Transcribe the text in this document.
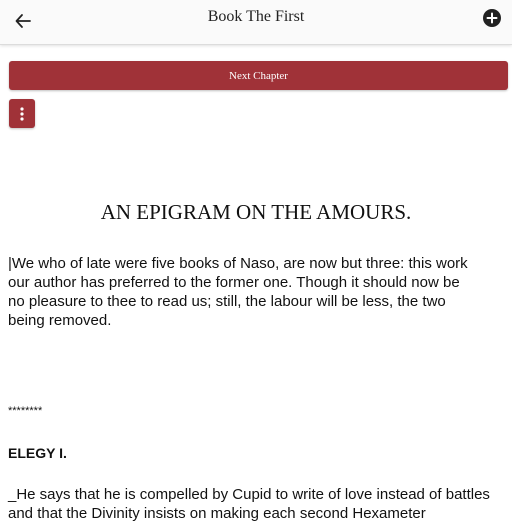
Book The First
Next Chapter
AN EPIGRAM ON THE AMOURS.
|We who of late were five books of Naso, are now but three: this work our author has preferred to the former one. Though it should now be no pleasure to thee to read us; still, the labour will be less, the two being removed.
********
ELEGY I.
_He says that he is compelled by Cupid to write of love instead of battles and that the Divinity insists on making each second Hexameter
